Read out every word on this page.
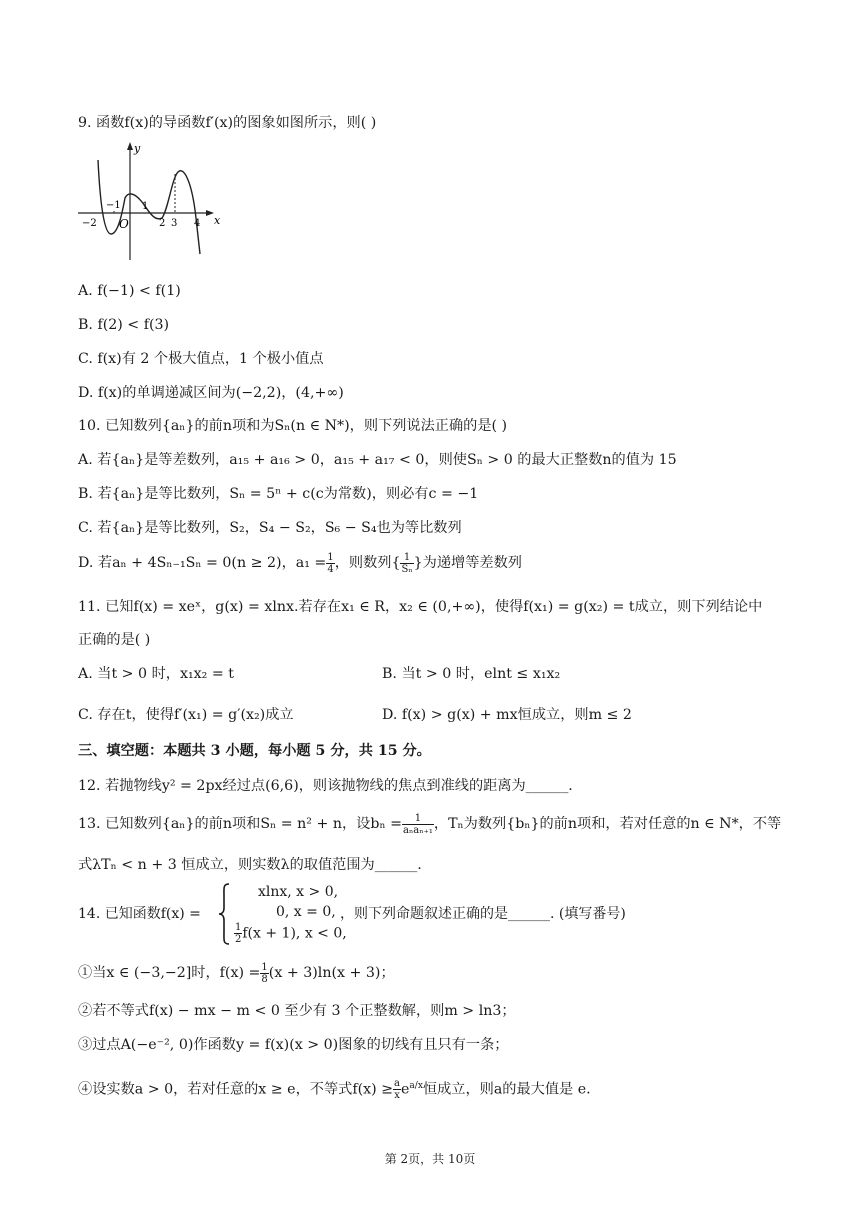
9. 函数f(x)的导函数f′(x)的图象如图所示，则( )
y
x
O
−2
−1 1
2 3 4
A. f(−1) < f(1)
B. f(2) < f(3)
C. f(x)有 2 个极大值点，1 个极小值点
D. f(x)的单调递减区间为(−2,2)，(4,+∞)
10. 已知数列{aₙ}的前n项和为Sₙ(n ∈ N*)，则下列说法正确的是( )
A. 若{aₙ}是等差数列，a₁₅ + a₁₆ > 0，a₁₅ + a₁₇ < 0，则使Sₙ > 0 的最大正整数n的值为 15
B. 若{aₙ}是等比数列，Sₙ = 5ⁿ + c(c为常数)，则必有c = −1
C. 若{aₙ}是等比数列，S₂，S₄ − S₂，S₆ − S₄也为等比数列
D. 若aₙ + 4Sₙ₋₁Sₙ = 0(n ≥ 2)，$a_1 = \frac{1}{4}$ ，则数列{ $\frac{1}{\text{Sₙ}}$ }为递增等差数列
11. 已知f(x) = xeˣ，g(x) = xlnx.若存在x₁ ∈ R，x₂ ∈ (0,+∞)，使得f(x₁) = g(x₂) = t成立，则下列结论中
正确的是( )
A. 当t > 0 时，x₁x₂ = t	B. 当t > 0 时，elnt ≤ x₁x₂
C. 存在t，使得f′(x₁) = g′(x₂)成立	D. f(x) > g(x) + mx恒成立，则m ≤ 2
三、填空题：本题共 3 小题，每小题 5 分，共 15 分。
12. 若抛物线y² = 2px经过点(6,6)，则该抛物线的焦点到准线的距离为______.
13. 已知数列{aₙ}的前n项和Sₙ = n² + n，设$b_n = \frac{1}{\text{aₙaₙ₊₁}}$ ，Tₙ为数列{bₙ}的前n项和，若对任意的n ∈ N*，不等
式λTₙ < n + 3 恒成立，则实数λ的取值范围为______.
14. 已知函数f(x) =
xlnx, x > 0,
0, x = 0,
$\frac{1}{2} f(x + 1)$, x < 0,
，则下列命题叙述正确的是______. (填写番号)
①当x ∈ (−3,−2]时，$f(x) = \frac{1}{8} (x + 3)\ln(x + 3)$；
②若不等式f(x) − mx − m < 0 至少有 3 个正整数解，则m > ln3；
③过点A(−e⁻², 0)作函数y = f(x)(x > 0)图象的切线有且只有一条；
④设实数a > 0，若对任意的x ≥ e，不等式$f(x) \ge \frac{a}{x} e^{a/x}$恒成立，则a的最大值是 e.
第 2页，共 10页
